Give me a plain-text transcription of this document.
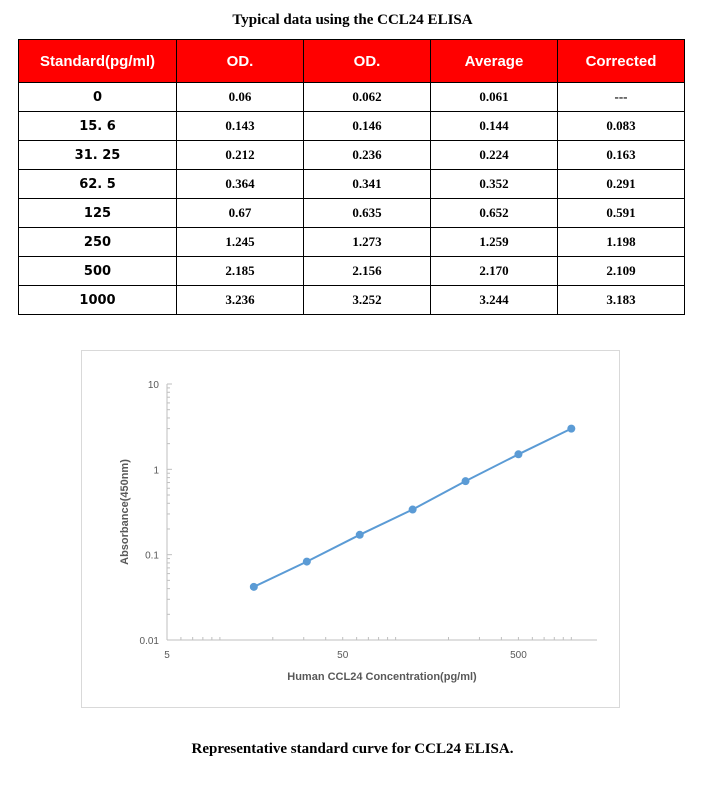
Typical data using the CCL24 ELISA
Standard(pg/ml)	OD.	OD.	Average	Corrected
0	0.06	0.062	0.061	---
15. 6	0.143	0.146	0.144	0.083
31. 25	0.212	0.236	0.224	0.163
62. 5	0.364	0.341	0.352	0.291
125	0.67	0.635	0.652	0.591
250	1.245	1.273	1.259	1.198
500	2.185	2.156	2.170	2.109
1000	3.236	3.252	3.244	3.183
0.01
0.1
1
10
5	50	500
Human CCL24 Concentration(pg/ml)
Absorbance(450nm)
Representative standard curve for CCL24 ELISA.
